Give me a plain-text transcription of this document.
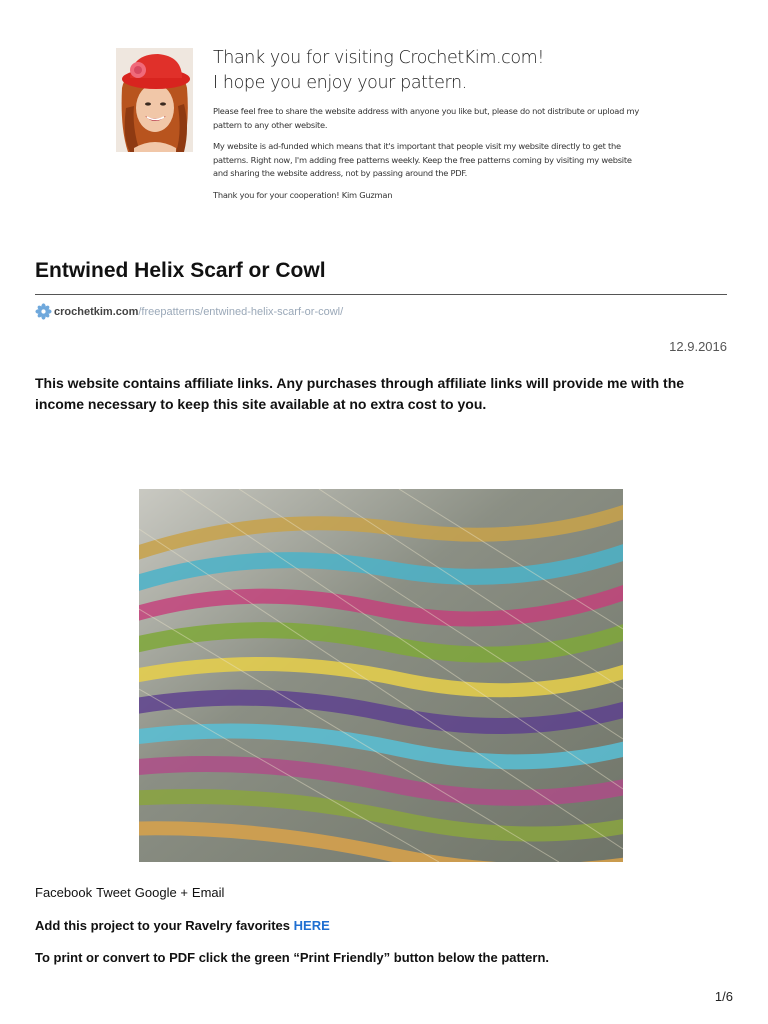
Thank you for visiting CrochetKim.com!
I hope you enjoy your pattern.
Please feel free to share the website address with anyone you like but, please do not distribute or upload my pattern to any other website.
My website is ad-funded which means that it's important that people visit my website directly to get the patterns. Right now, I'm adding free patterns weekly. Keep the free patterns coming by visiting my website and sharing the website address, not by passing around the PDF.
Thank you for your cooperation! Kim Guzman
Entwined Helix Scarf or Cowl
crochetkim.com /freepatterns/entwined-helix-scarf-or-cowl/
12.9.2016

This website contains affiliate links. Any purchases through affiliate links will provide me with the income necessary to keep this site available at no extra cost to you.

Facebook Tweet Google + Email
Add this project to your Ravelry favorites HERE
To print or convert to PDF click the green “Print Friendly” button below the pattern.
1/6
